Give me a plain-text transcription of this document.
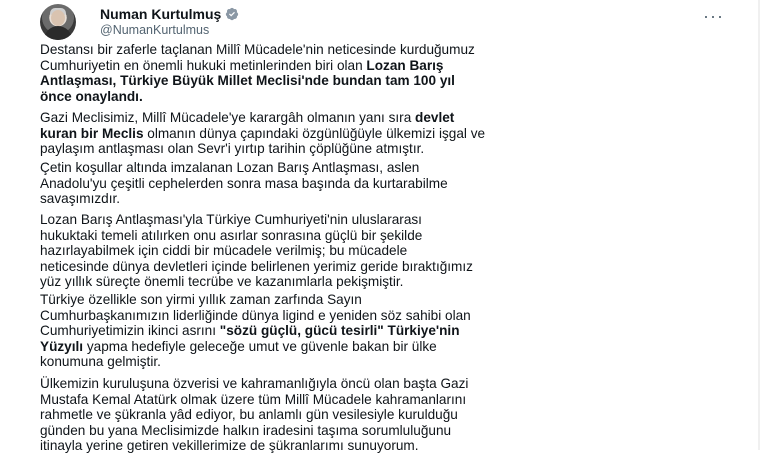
Numan Kurtulmuş
@NumanKurtulmus
···

Destansı bir zaferle taçlanan Millî Mücadele'nin neticesinde kurduğumuz
Cumhuriyetin en önemli hukuki metinlerinden biri olan Lozan Barış
Antlaşması, Türkiye Büyük Millet Meclisi'nde bundan tam 100 yıl
önce onaylandı.

Gazi Meclisimiz, Millî Mücadele'ye karargâh olmanın yanı sıra devlet
kuran bir Meclis olmanın dünya çapındaki özgünlüğüyle ülkemizi işgal ve
paylaşım antlaşması olan Sevr'i yırtıp tarihin çöplüğüne atmıştır.

Çetin koşullar altında imzalanan Lozan Barış Antlaşması, aslen
Anadolu'yu çeşitli cephelerden sonra masa başında da kurtarabilme
savaşımızdır.

Lozan Barış Antlaşması'yla Türkiye Cumhuriyeti'nin uluslararası
hukuktaki temeli atılırken onu asırlar sonrasına güçlü bir şekilde
hazırlayabilmek için ciddi bir mücadele verilmiş; bu mücadele
neticesinde dünya devletleri içinde belirlenen yerimiz geride bıraktığımız
yüz yıllık süreçte önemli tecrübe ve kazanımlarla pekişmiştir.

Türkiye özellikle son yirmi yıllık zaman zarfında Sayın
Cumhurbaşkanımızın liderliğinde dünya ligind e yeniden söz sahibi olan
Cumhuriyetimizin ikinci asrını "sözü güçlü, gücü tesirli" Türkiye'nin
Yüzyılı yapma hedefiyle geleceğe umut ve güvenle bakan bir ülke
konumuna gelmiştir.

Ülkemizin kuruluşuna özverisi ve kahramanlığıyla öncü olan başta Gazi
Mustafa Kemal Atatürk olmak üzere tüm Millî Mücadele kahramanlarını
rahmetle ve şükranla yâd ediyor, bu anlamlı gün vesilesiyle kurulduğu
günden bu yana Meclisimizde halkın iradesini taşıma sorumluluğunu
itinayla yerine getiren vekillerimize de şükranlarımı sunuyorum.
